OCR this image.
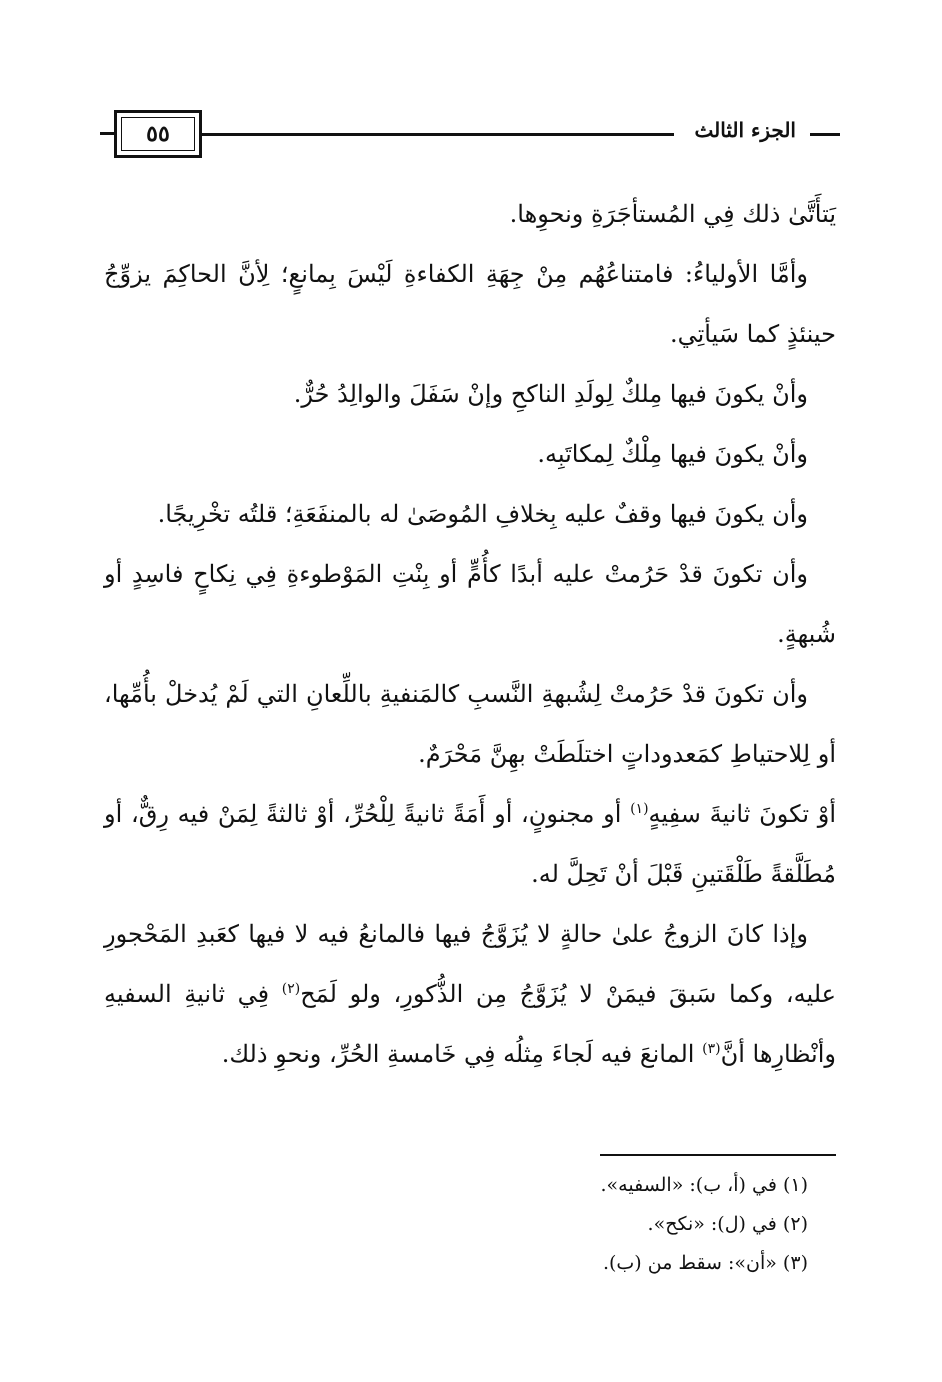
٥٥	الجزء الثالث

يَتأَتَّىٰ ذلك فِي المُستأجَرَةِ ونحوِها.

وأمَّا الأولياءُ: فامتناعُهُم مِنْ جِهَةِ الكفاءةِ لَيْسَ بِمانعٍ؛ لِأنَّ الحاكِمَ يزوِّجُ حينئذٍ كما سَيأتِي.

وأنْ يكونَ فيها مِلكٌ لِولَدِ الناكحِ وإنْ سَفَلَ والوالِدُ حُرٌّ.

وأنْ يكونَ فيها مِلْكٌ لِمكاتَبِه.

وأن يكونَ فيها وقفٌ عليه بِخلافِ المُوصَىٰ له بالمنفَعَةِ؛ قلتُه تخْرِيجًا.

وأن تكونَ قدْ حَرُمتْ عليه أبدًا كأُمٍّ أو بِنْتِ المَوْطوءةِ فِي نِكاحٍ فاسِدٍ أو شُبهةٍ.

وأن تكونَ قدْ حَرُمتْ لِشُبهةِ النَّسبِ كالمَنفيةِ باللِّعانِ التي لَمْ يُدخلْ بأُمِّها، أو لِلاحتياطِ كمَعدوداتٍ اختلَطَتْ بهِنَّ مَحْرَمٌ.

أوْ تكونَ ثانيةَ سفِيهٍ$^{(١)}$ أو مجنونٍ، أو أَمَةً ثانيةً لِلْحُرِّ، أوْ ثالثةً لِمَنْ فيه رِقٌّ، أو مُطَلَّقةً طَلْقَتينِ قَبْلَ أنْ تَحِلَّ له.

وإذا كانَ الزوجُ علىٰ حالةٍ لا يُزَوَّجُ فيها فالمانعُ فيه لا فيها كعَبدِ المَحْجورِ عليه، وكما سَبقَ فيمَنْ لا يُزَوَّجُ مِن الذُّكورِ، ولو لَمَح$^{(٢)}$ فِي ثانيةِ السفيهِ وأنْظارِها أنَّ$^{(٣)}$ المانعَ فيه لَجاءَ مِثلُه فِي خَامسةِ الحُرِّ، ونحوِ ذلك.

(١) في (أ، ب): «السفيه».

(٢) في (ل): «نكح».

(٣) «أن»: سقط من (ب).
